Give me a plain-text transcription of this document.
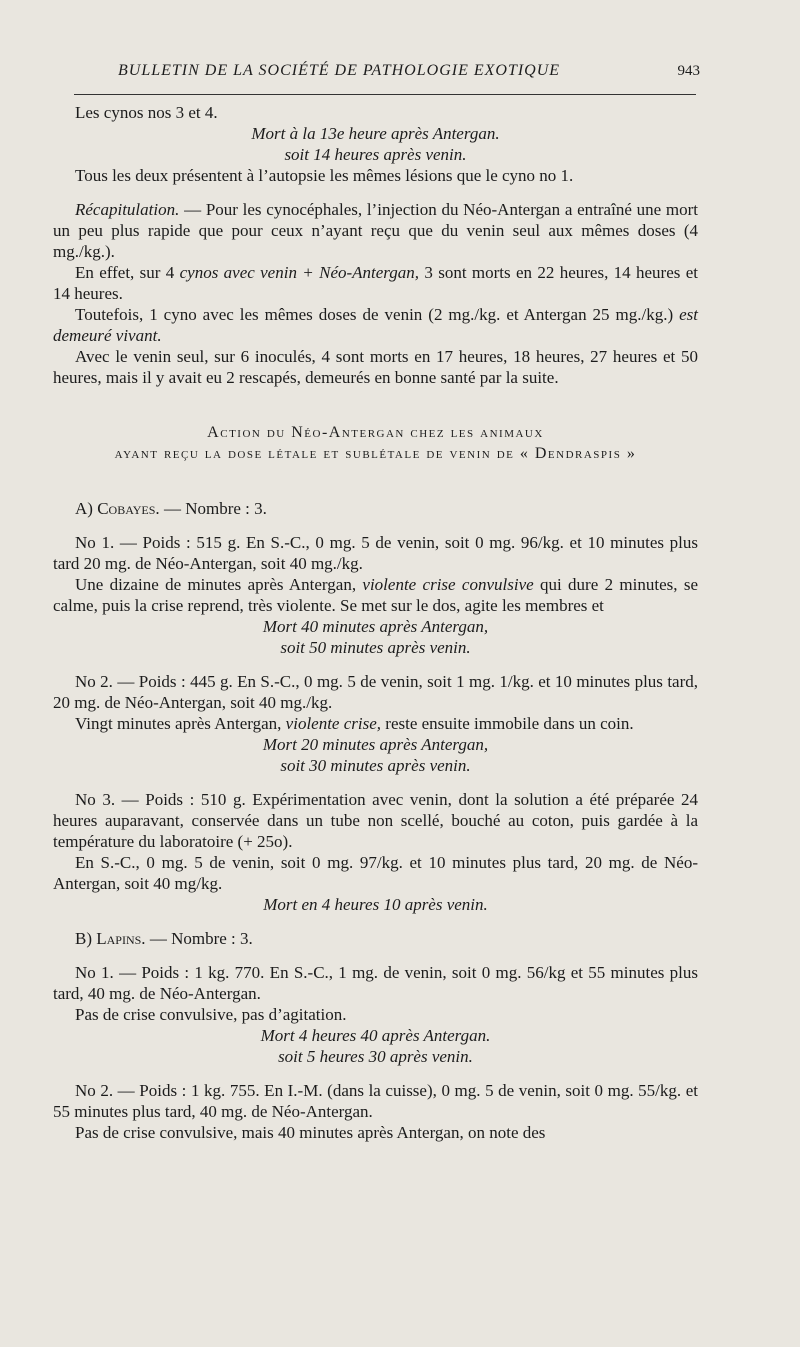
BULLETIN DE LA SOCIÉTÉ DE PATHOLOGIE EXOTIQUE	943

Les cynos nos 3 et 4.

Mort à la 13e heure après Antergan.

soit 14 heures après venin.

Tous les deux présentent à l’autopsie les mêmes lésions que le cyno no 1.

Récapitulation. — Pour les cynocéphales, l’injection du Néo-Antergan a entraîné une mort un peu plus rapide que pour ceux n’ayant reçu que du venin seul aux mêmes doses (4 mg./kg.).

En effet, sur 4 cynos avec venin + Néo-Antergan, 3 sont morts en 22 heures, 14 heures et 14 heures.

Toutefois, 1 cyno avec les mêmes doses de venin (2 mg./kg. et Antergan 25 mg./kg.) est demeuré vivant.

Avec le venin seul, sur 6 inoculés, 4 sont morts en 17 heures, 18 heures, 27 heures et 50 heures, mais il y avait eu 2 rescapés, demeurés en bonne santé par la suite.

Action du Néo-Antergan chez les animaux

ayant reçu la dose létale et sublétale de venin de « Dendraspis »

A) Cobayes. — Nombre : 3.

No 1. — Poids : 515 g. En S.-C., 0 mg. 5 de venin, soit 0 mg. 96/kg. et 10 minutes plus tard 20 mg. de Néo-Antergan, soit 40 mg./kg.

Une dizaine de minutes après Antergan, violente crise convulsive qui dure 2 minutes, se calme, puis la crise reprend, très violente. Se met sur le dos, agite les membres et

Mort 40 minutes après Antergan,

soit 50 minutes après venin.

No 2. — Poids : 445 g. En S.-C., 0 mg. 5 de venin, soit 1 mg. 1/kg. et 10 minutes plus tard, 20 mg. de Néo-Antergan, soit 40 mg./kg.

Vingt minutes après Antergan, violente crise, reste ensuite immobile dans un coin.

Mort 20 minutes après Antergan,

soit 30 minutes après venin.

No 3. — Poids : 510 g. Expérimentation avec venin, dont la solution a été préparée 24 heures auparavant, conservée dans un tube non scellé, bouché au coton, puis gardée à la température du laboratoire (+ 25o).

En S.-C., 0 mg. 5 de venin, soit 0 mg. 97/kg. et 10 minutes plus tard, 20 mg. de Néo-Antergan, soit 40 mg/kg.

Mort en 4 heures 10 après venin.

B) Lapins. — Nombre : 3.

No 1. — Poids : 1 kg. 770. En S.-C., 1 mg. de venin, soit 0 mg. 56/kg et 55 minutes plus tard, 40 mg. de Néo-Antergan.

Pas de crise convulsive, pas d’agitation.

Mort 4 heures 40 après Antergan.

soit 5 heures 30 après venin.

No 2. — Poids : 1 kg. 755. En I.-M. (dans la cuisse), 0 mg. 5 de venin, soit 0 mg. 55/kg. et 55 minutes plus tard, 40 mg. de Néo-Antergan.

Pas de crise convulsive, mais 40 minutes après Antergan, on note des
